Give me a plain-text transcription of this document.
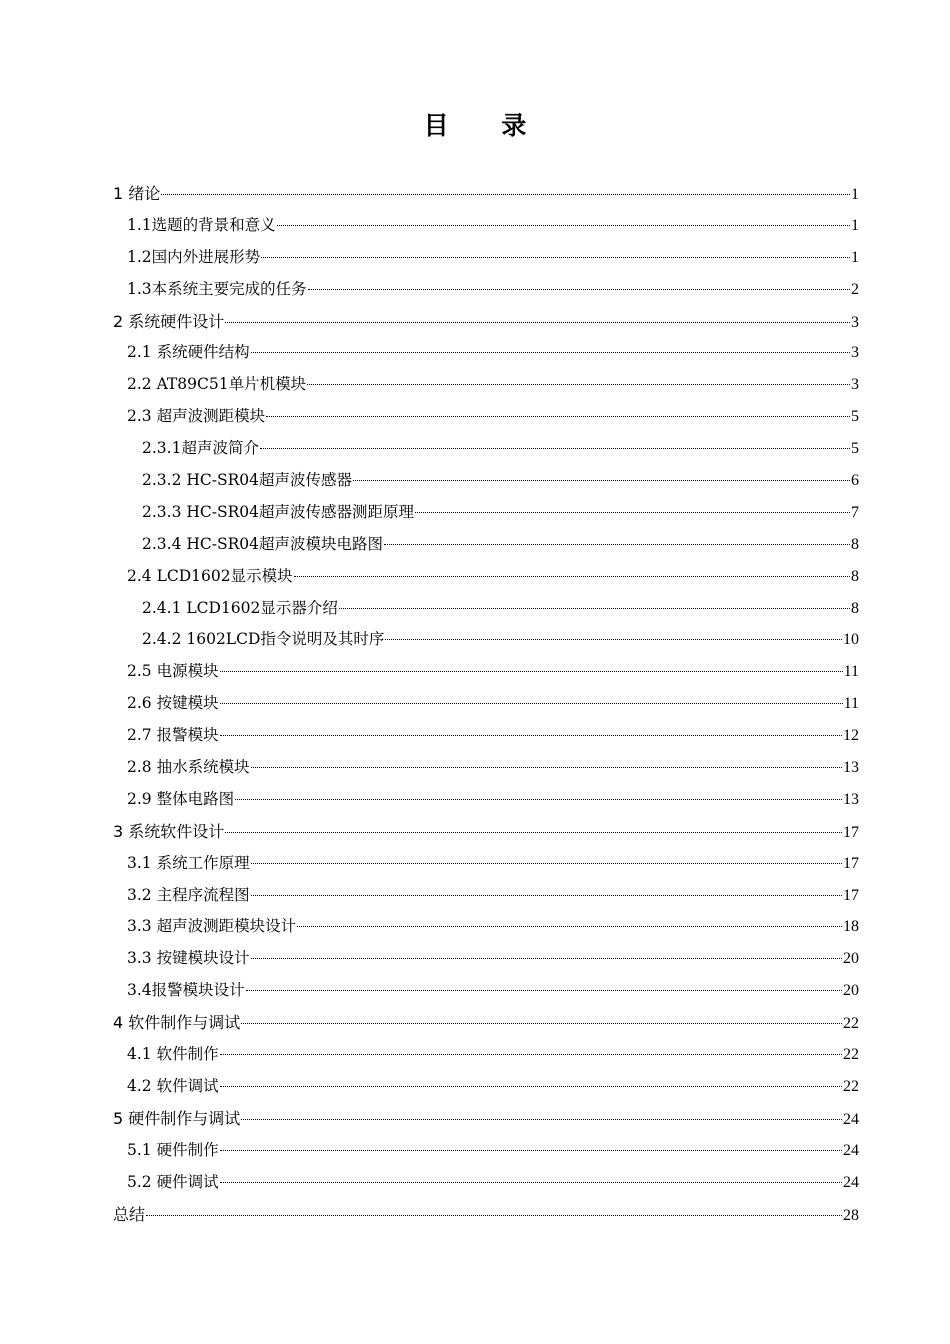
目 录
1 绪论	1
1.1选题的背景和意义	1
1.2国内外进展形势	1
1.3本系统主要完成的任务	2
2 系统硬件设计	3
2.1 系统硬件结构	3
2.2 AT89C51单片机模块	3
2.3 超声波测距模块	5
2.3.1超声波简介	5
2.3.2 HC-SR04超声波传感器	6
2.3.3 HC-SR04超声波传感器测距原理	7
2.3.4 HC-SR04超声波模块电路图	8
2.4 LCD1602显示模块	8
2.4.1 LCD1602显示器介绍	8
2.4.2 1602LCD指令说明及其时序	10
2.5 电源模块	11
2.6 按键模块	11
2.7 报警模块	12
2.8 抽水系统模块	13
2.9 整体电路图	13
3 系统软件设计	17
3.1 系统工作原理	17
3.2 主程序流程图	17
3.3 超声波测距模块设计	18
3.3 按键模块设计	20
3.4报警模块设计	20
4 软件制作与调试	22
4.1 软件制作	22
4.2 软件调试	22
5 硬件制作与调试	24
5.1 硬件制作	24
5.2 硬件调试	24
总结	28
